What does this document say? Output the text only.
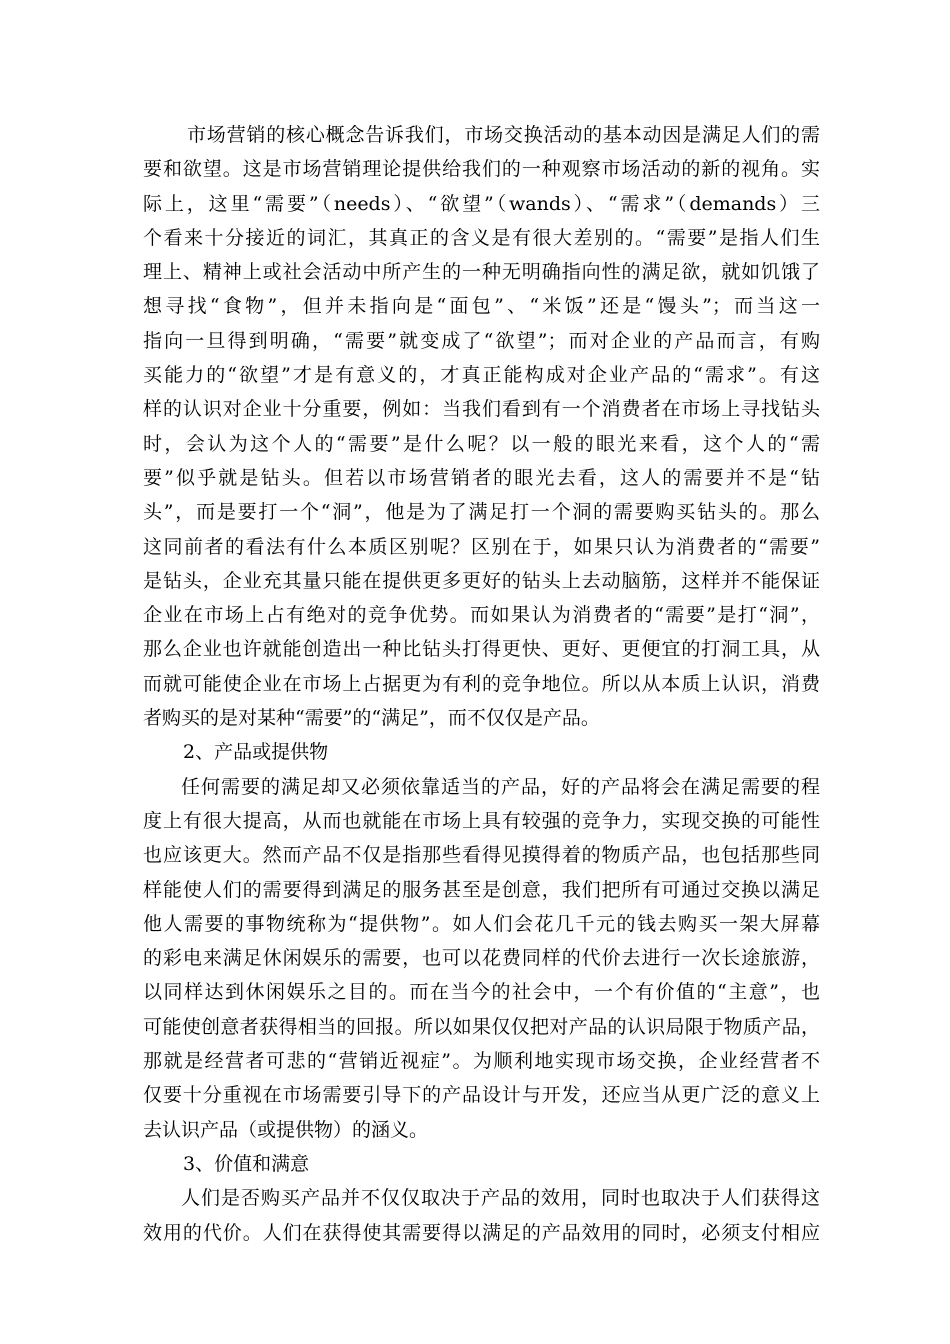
市场营销的核心概念告诉我们，市场交换活动的基本动因是满足人们的需
要和欲望。这是市场营销理论提供给我们的一种观察市场活动的新的视角。实
际上，这里“需要”（needs）、“欲望”（wands）、“需求”（demands）三
个看来十分接近的词汇，其真正的含义是有很大差别的。“需要”是指人们生
理上、精神上或社会活动中所产生的一种无明确指向性的满足欲，就如饥饿了
想寻找“食物”，但并未指向是“面包”、“米饭”还是“馒头”；而当这一
指向一旦得到明确，“需要”就变成了“欲望”；而对企业的产品而言，有购
买能力的“欲望”才是有意义的，才真正能构成对企业产品的“需求”。有这
样的认识对企业十分重要，例如：当我们看到有一个消费者在市场上寻找钻头
时，会认为这个人的“需要”是什么呢？以一般的眼光来看，这个人的“需
要”似乎就是钻头。但若以市场营销者的眼光去看，这人的需要并不是“钻
头”，而是要打一个“洞”，他是为了满足打一个洞的需要购买钻头的。那么
这同前者的看法有什么本质区别呢？区别在于，如果只认为消费者的“需要”
是钻头，企业充其量只能在提供更多更好的钻头上去动脑筋，这样并不能保证
企业在市场上占有绝对的竞争优势。而如果认为消费者的“需要”是打“洞”，
那么企业也许就能创造出一种比钻头打得更快、更好、更便宜的打洞工具，从
而就可能使企业在市场上占据更为有利的竞争地位。所以从本质上认识，消费
者购买的是对某种“需要”的“满足”，而不仅仅是产品。
2、产品或提供物
任何需要的满足却又必须依靠适当的产品，好的产品将会在满足需要的程
度上有很大提高，从而也就能在市场上具有较强的竞争力，实现交换的可能性
也应该更大。然而产品不仅是指那些看得见摸得着的物质产品，也包括那些同
样能使人们的需要得到满足的服务甚至是创意，我们把所有可通过交换以满足
他人需要的事物统称为“提供物”。如人们会花几千元的钱去购买一架大屏幕
的彩电来满足休闲娱乐的需要，也可以花费同样的代价去进行一次长途旅游，
以同样达到休闲娱乐之目的。而在当今的社会中，一个有价值的“主意”，也
可能使创意者获得相当的回报。所以如果仅仅把对产品的认识局限于物质产品，
那就是经营者可悲的“营销近视症”。为顺利地实现市场交换，企业经营者不
仅要十分重视在市场需要引导下的产品设计与开发，还应当从更广泛的意义上
去认识产品（或提供物）的涵义。
3、价值和满意
人们是否购买产品并不仅仅取决于产品的效用，同时也取决于人们获得这
效用的代价。人们在获得使其需要得以满足的产品效用的同时，必须支付相应
